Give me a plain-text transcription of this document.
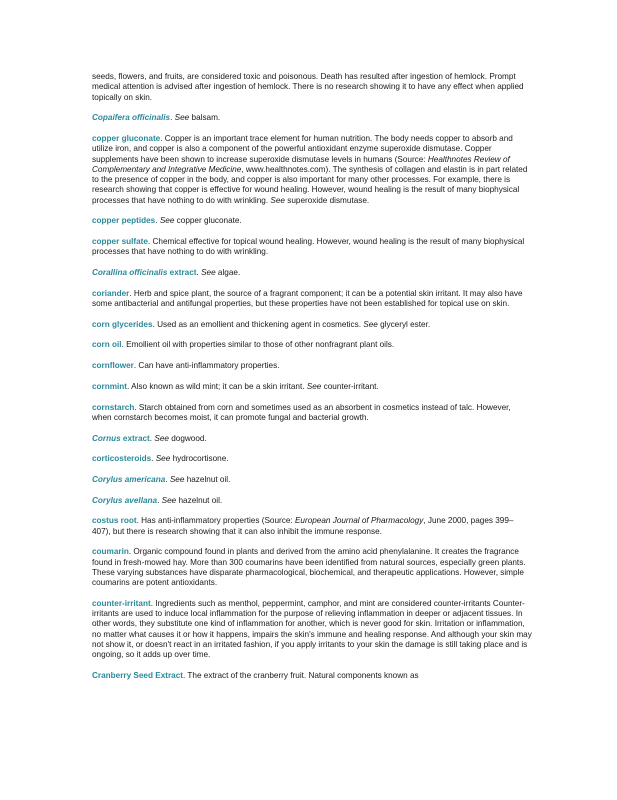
seeds, flowers, and fruits, are considered toxic and poisonous. Death has resulted after ingestion of hemlock. Prompt medical attention is advised after ingestion of hemlock. There is no research showing it to have any effect when applied topically on skin.

Copaifera officinalis. See balsam.

copper gluconate. Copper is an important trace element for human nutrition. The body needs copper to absorb and utilize iron, and copper is also a component of the powerful antioxidant enzyme superoxide dismutase. Copper supplements have been shown to increase superoxide dismutase levels in humans (Source: Healthnotes Review of Complementary and Integrative Medicine, www.healthnotes.com). The synthesis of collagen and elastin is in part related to the presence of copper in the body, and copper is also important for many other processes. For example, there is research showing that copper is effective for wound healing. However, wound healing is the result of many biophysical processes that have nothing to do with wrinkling. See superoxide dismutase.

copper peptides. See copper gluconate.

copper sulfate. Chemical effective for topical wound healing. However, wound healing is the result of many biophysical processes that have nothing to do with wrinkling.

Corallina officinalis extract. See algae.

coriander. Herb and spice plant, the source of a fragrant component; it can be a potential skin irritant. It may also have some antibacterial and antifungal properties, but these properties have not been established for topical use on skin.

corn glycerides. Used as an emollient and thickening agent in cosmetics. See glyceryl ester.

corn oil. Emollient oil with properties similar to those of other nonfragrant plant oils.

cornflower. Can have anti-inflammatory properties.

cornmint. Also known as wild mint; it can be a skin irritant. See counter-irritant.

cornstarch. Starch obtained from corn and sometimes used as an absorbent in cosmetics instead of talc. However, when cornstarch becomes moist, it can promote fungal and bacterial growth.

Cornus extract. See dogwood.

corticosteroids. See hydrocortisone.

Corylus americana. See hazelnut oil.

Corylus avellana. See hazelnut oil.

costus root. Has anti-inflammatory properties (Source: European Journal of Pharmacology, June 2000, pages 399–407), but there is research showing that it can also inhibit the immune response.

coumarin. Organic compound found in plants and derived from the amino acid phenylalanine. It creates the fragrance found in fresh-mowed hay. More than 300 coumarins have been identified from natural sources, especially green plants. These varying substances have disparate pharmacological, biochemical, and therapeutic applications. However, simple coumarins are potent antioxidants.

counter-irritant. Ingredients such as menthol, peppermint, camphor, and mint are considered counter-irritants Counter-irritants are used to induce local inflammation for the purpose of relieving inflammation in deeper or adjacent tissues. In other words, they substitute one kind of inflammation for another, which is never good for skin. Irritation or inflammation, no matter what causes it or how it happens, impairs the skin's immune and healing response. And although your skin may not show it, or doesn't react in an irritated fashion, if you apply irritants to your skin the damage is still taking place and is ongoing, so it adds up over time.

Cranberry Seed Extract. The extract of the cranberry fruit. Natural components known as
